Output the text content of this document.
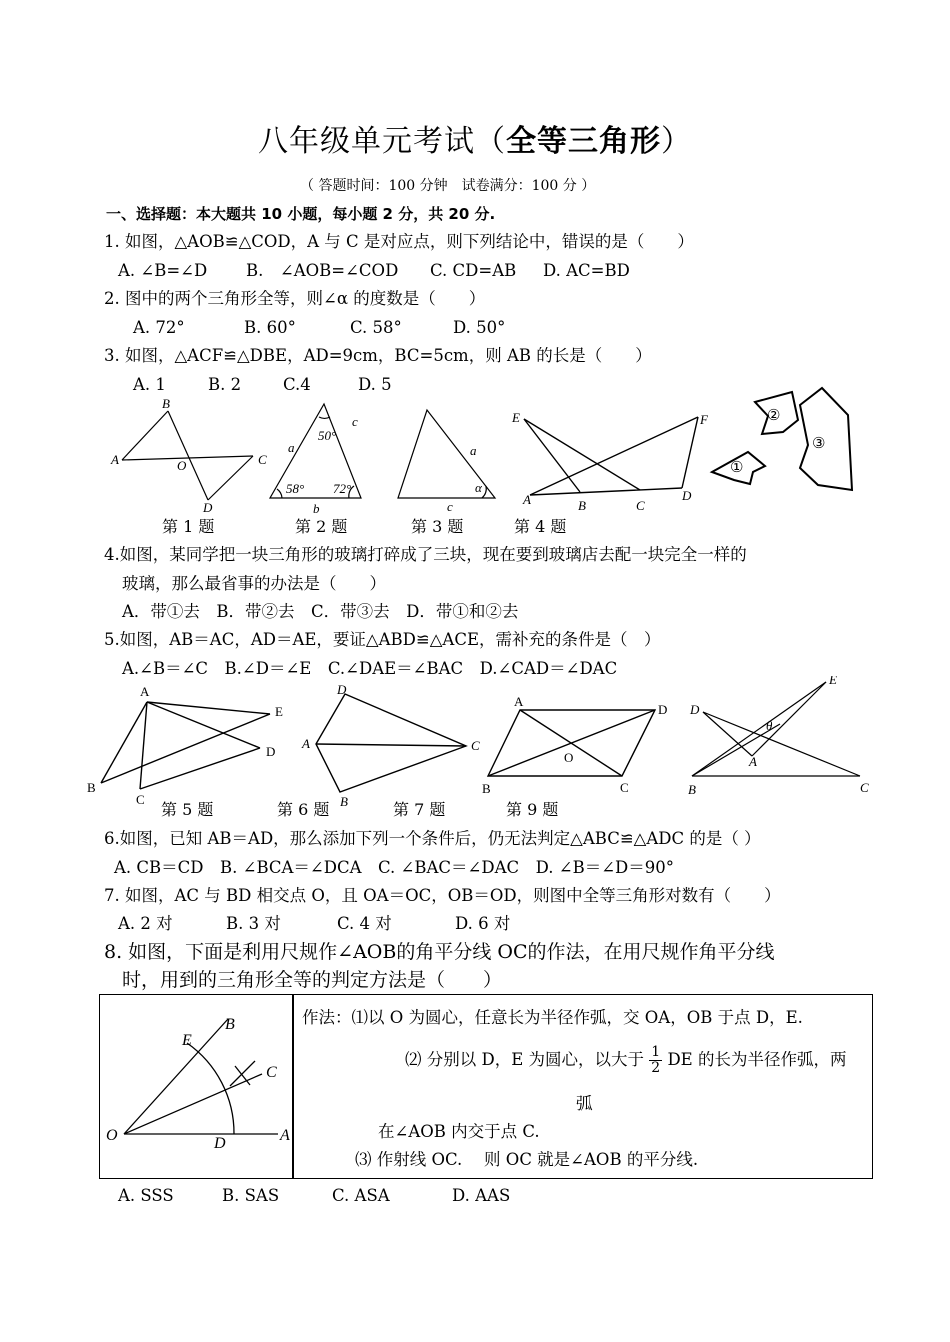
八年级单元考试（全等三角形）
（ 答题时间：100 分钟　试卷满分：100 分 ）
一、选择题：本大题共 10 小题，每小题 2 分，共 20 分.
1. 如图，△AOB≌△COD，A 与 C 是对应点，则下列结论中，错误的是（　　）
A. ∠B=∠D B.　∠AOB=∠COD C. CD=AB D. AC=BD
2. 图中的两个三角形全等，则∠α 的度数是（　　）
A. 72°	B. 60°	C. 58°	D. 50°
3. 如图，△ACF≌△DBE，AD=9cm，BC=5cm，则 AB 的长是（　　）
A. 1	B. 2	C.4	D. 5
B
A	O	C
D
第 1 题
50°
a
c
58° 72°
b
第 2 题
a
α
c
第 3 题
E	F
A	B	C
D
第 4 题
①
②
③
4.如图，某同学把一块三角形的玻璃打碎成了三块，现在要到玻璃店去配一块完全一样的
玻璃，那么最省事的办法是（　　）
A．带①去　B．带②去　C．带③去　D．带①和②去
5.如图，AB＝AC，AD＝AE，要证△ABD≌△ACE，需补充的条件是（　）
A.∠B＝∠C　B.∠D＝∠E　C.∠DAE＝∠BAC　D.∠CAD＝∠DAC
A
E
D
B
C
第 5 题
D
A	C
B
第 6 题
A
D
O
B	C
第 7 题
E
D
θ
A
B	C
第 9 题
6.如图，已知 AB＝AD，那么添加下列一个条件后，仍无法判定△ABC≌△ADC 的是（ ）
A. CB＝CD　B. ∠BCA＝∠DCA　C. ∠BAC＝∠DAC　D. ∠B＝∠D＝90°
7. 如图，AC 与 BD 相交点 O，且 OA＝OC，OB＝OD，则图中全等三角形对数有（　　）
A. 2 对	B. 3 对	C. 4 对	D. 6 对
8. 如图，下面是利用尺规作∠AOB的角平分线 OC的作法，在用尺规作角平分线
时，用到的三角形全等的判定方法是（　　）
B
E
C
O	D	A
作法：⑴以 O 为圆心，任意长为半径作弧，交 OA，OB 于点 D，E.
⑵ 分别以 D，E 为圆心，以大于 $\frac{1}{2}$ DE 的长为半径作弧，两
弧
在∠AOB 内交于点 C.
⑶ 作射线 OC.　 则 OC 就是∠AOB 的平分线.
A. SSS	B. SAS	C. ASA	D. AAS
